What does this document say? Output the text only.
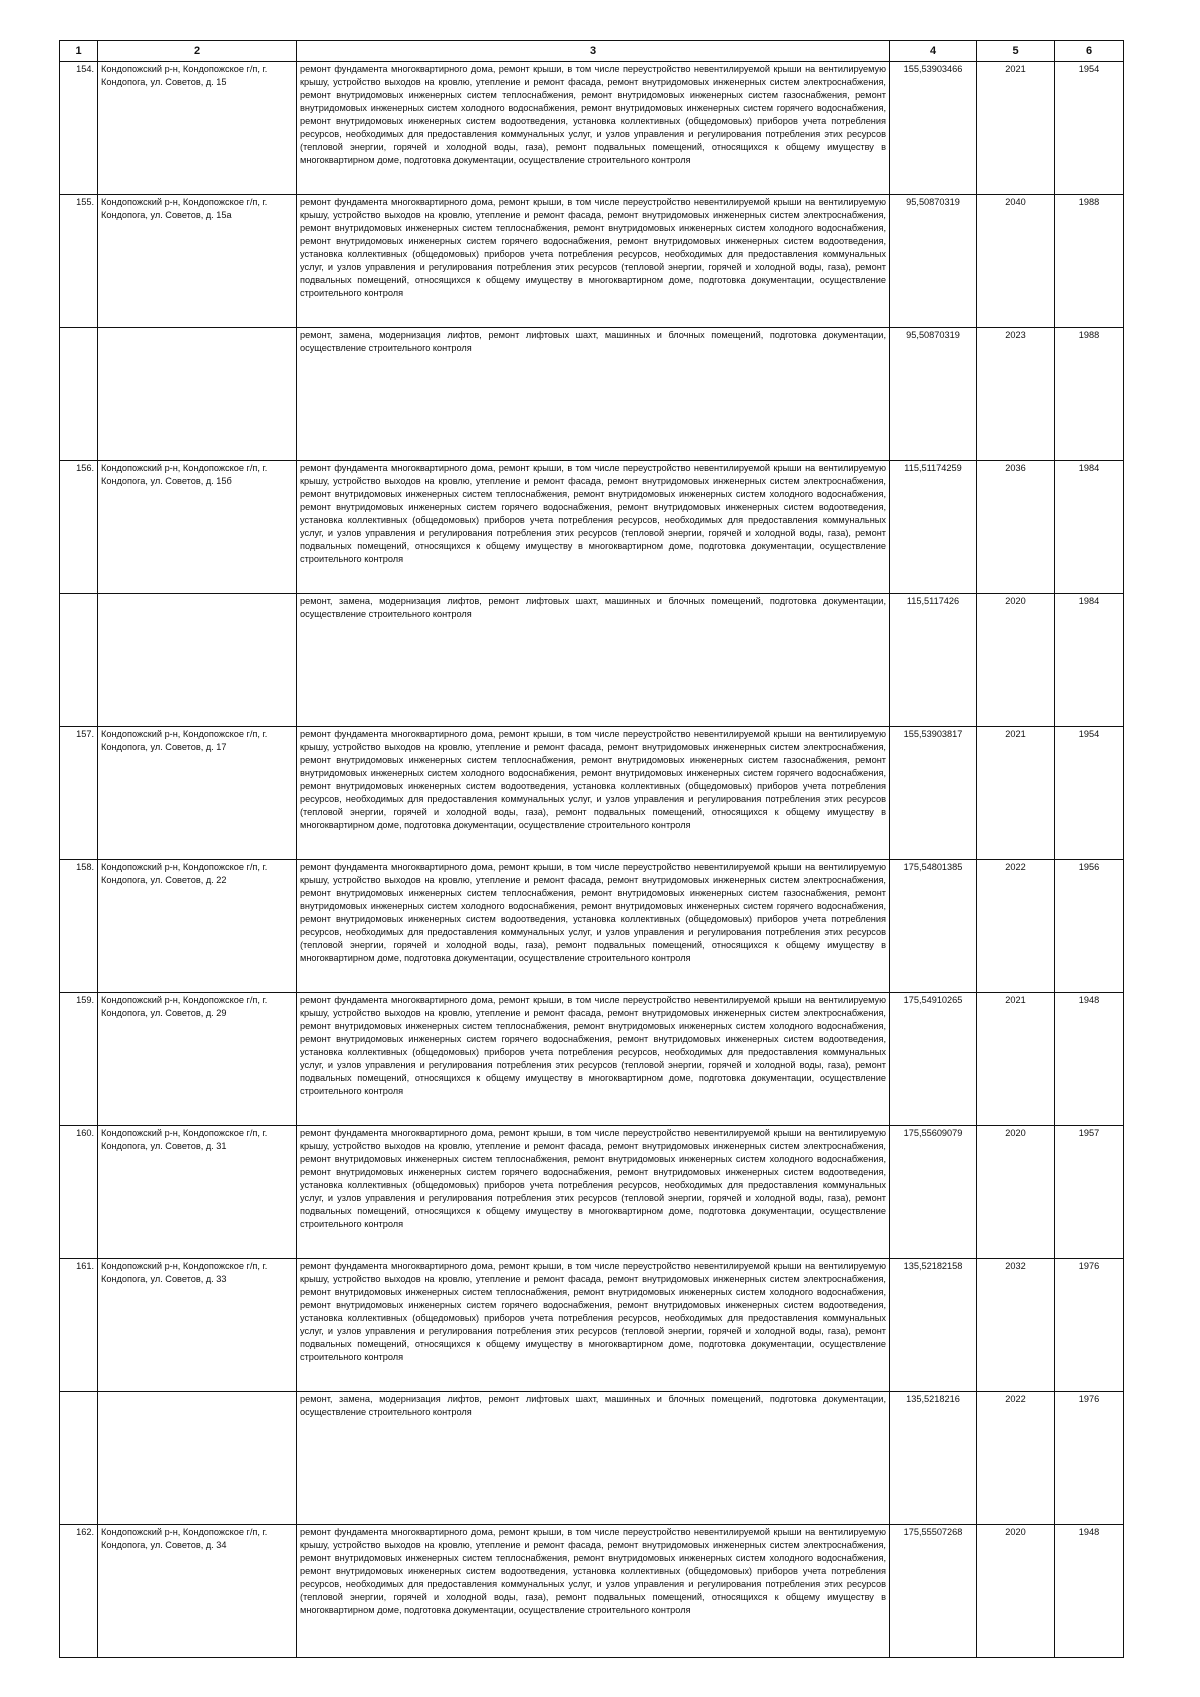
1	2	3	4	5	6
154.	Кондопожский р-н, Кондопожское г/п, г. Кондопога, ул. Советов, д. 15	ремонт фундамента многоквартирного дома, ремонт крыши, в том числе переустройство невентилируемой крыши на вентилируемую крышу, устройство выходов на кровлю, утепление и ремонт фасада, ремонт внутридомовых инженерных систем электроснабжения, ремонт внутридомовых инженерных систем теплоснабжения, ремонт внутридомовых инженерных систем газоснабжения, ремонт внутридомовых инженерных систем холодного водоснабжения, ремонт внутридомовых инженерных систем горячего водоснабжения, ремонт внутридомовых инженерных систем водоотведения, установка коллективных (общедомовых) приборов учета потребления ресурсов, необходимых для предоставления коммунальных услуг, и узлов управления и регулирования потребления этих ресурсов (тепловой энергии, горячей и холодной воды, газа), ремонт подвальных помещений, относящихся к общему имуществу в многоквартирном доме, подготовка документации, осуществление строительного контроля	155,53903466	2021	1954
155.	Кондопожский р-н, Кондопожское г/п, г. Кондопога, ул. Советов, д. 15а	ремонт фундамента многоквартирного дома, ремонт крыши, в том числе переустройство невентилируемой крыши на вентилируемую крышу, устройство выходов на кровлю, утепление и ремонт фасада, ремонт внутридомовых инженерных систем электроснабжения, ремонт внутридомовых инженерных систем теплоснабжения, ремонт внутридомовых инженерных систем холодного водоснабжения, ремонт внутридомовых инженерных систем горячего водоснабжения, ремонт внутридомовых инженерных систем водоотведения, установка коллективных (общедомовых) приборов учета потребления ресурсов, необходимых для предоставления коммунальных услуг, и узлов управления и регулирования потребления этих ресурсов (тепловой энергии, горячей и холодной воды, газа), ремонт подвальных помещений, относящихся к общему имуществу в многоквартирном доме, подготовка документации, осуществление строительного контроля	95,50870319	2040	1988
		ремонт, замена, модернизация лифтов, ремонт лифтовых шахт, машинных и блочных помещений, подготовка документации, осуществление строительного контроля	95,50870319	2023	1988
156.	Кондопожский р-н, Кондопожское г/п, г. Кондопога, ул. Советов, д. 15б	ремонт фундамента многоквартирного дома, ремонт крыши, в том числе переустройство невентилируемой крыши на вентилируемую крышу, устройство выходов на кровлю, утепление и ремонт фасада, ремонт внутридомовых инженерных систем электроснабжения, ремонт внутридомовых инженерных систем теплоснабжения, ремонт внутридомовых инженерных систем холодного водоснабжения, ремонт внутридомовых инженерных систем горячего водоснабжения, ремонт внутридомовых инженерных систем водоотведения, установка коллективных (общедомовых) приборов учета потребления ресурсов, необходимых для предоставления коммунальных услуг, и узлов управления и регулирования потребления этих ресурсов (тепловой энергии, горячей и холодной воды, газа), ремонт подвальных помещений, относящихся к общему имуществу в многоквартирном доме, подготовка документации, осуществление строительного контроля	115,51174259	2036	1984
		ремонт, замена, модернизация лифтов, ремонт лифтовых шахт, машинных и блочных помещений, подготовка документации, осуществление строительного контроля	115,5117426	2020	1984
157.	Кондопожский р-н, Кондопожское г/п, г. Кондопога, ул. Советов, д. 17	ремонт фундамента многоквартирного дома, ремонт крыши, в том числе переустройство невентилируемой крыши на вентилируемую крышу, устройство выходов на кровлю, утепление и ремонт фасада, ремонт внутридомовых инженерных систем электроснабжения, ремонт внутридомовых инженерных систем теплоснабжения, ремонт внутридомовых инженерных систем газоснабжения, ремонт внутридомовых инженерных систем холодного водоснабжения, ремонт внутридомовых инженерных систем горячего водоснабжения, ремонт внутридомовых инженерных систем водоотведения, установка коллективных (общедомовых) приборов учета потребления ресурсов, необходимых для предоставления коммунальных услуг, и узлов управления и регулирования потребления этих ресурсов (тепловой энергии, горячей и холодной воды, газа), ремонт подвальных помещений, относящихся к общему имуществу в многоквартирном доме, подготовка документации, осуществление строительного контроля	155,53903817	2021	1954
158.	Кондопожский р-н, Кондопожское г/п, г. Кондопога, ул. Советов, д. 22	ремонт фундамента многоквартирного дома, ремонт крыши, в том числе переустройство невентилируемой крыши на вентилируемую крышу, устройство выходов на кровлю, утепление и ремонт фасада, ремонт внутридомовых инженерных систем электроснабжения, ремонт внутридомовых инженерных систем теплоснабжения, ремонт внутридомовых инженерных систем газоснабжения, ремонт внутридомовых инженерных систем холодного водоснабжения, ремонт внутридомовых инженерных систем горячего водоснабжения, ремонт внутридомовых инженерных систем водоотведения, установка коллективных (общедомовых) приборов учета потребления ресурсов, необходимых для предоставления коммунальных услуг, и узлов управления и регулирования потребления этих ресурсов (тепловой энергии, горячей и холодной воды, газа), ремонт подвальных помещений, относящихся к общему имуществу в многоквартирном доме, подготовка документации, осуществление строительного контроля	175,54801385	2022	1956
159.	Кондопожский р-н, Кондопожское г/п, г. Кондопога, ул. Советов, д. 29	ремонт фундамента многоквартирного дома, ремонт крыши, в том числе переустройство невентилируемой крыши на вентилируемую крышу, устройство выходов на кровлю, утепление и ремонт фасада, ремонт внутридомовых инженерных систем электроснабжения, ремонт внутридомовых инженерных систем теплоснабжения, ремонт внутридомовых инженерных систем холодного водоснабжения, ремонт внутридомовых инженерных систем горячего водоснабжения, ремонт внутридомовых инженерных систем водоотведения, установка коллективных (общедомовых) приборов учета потребления ресурсов, необходимых для предоставления коммунальных услуг, и узлов управления и регулирования потребления этих ресурсов (тепловой энергии, горячей и холодной воды, газа), ремонт подвальных помещений, относящихся к общему имуществу в многоквартирном доме, подготовка документации, осуществление строительного контроля	175,54910265	2021	1948
160.	Кондопожский р-н, Кондопожское г/п, г. Кондопога, ул. Советов, д. 31	ремонт фундамента многоквартирного дома, ремонт крыши, в том числе переустройство невентилируемой крыши на вентилируемую крышу, устройство выходов на кровлю, утепление и ремонт фасада, ремонт внутридомовых инженерных систем электроснабжения, ремонт внутридомовых инженерных систем теплоснабжения, ремонт внутридомовых инженерных систем холодного водоснабжения, ремонт внутридомовых инженерных систем горячего водоснабжения, ремонт внутридомовых инженерных систем водоотведения, установка коллективных (общедомовых) приборов учета потребления ресурсов, необходимых для предоставления коммунальных услуг, и узлов управления и регулирования потребления этих ресурсов (тепловой энергии, горячей и холодной воды, газа), ремонт подвальных помещений, относящихся к общему имуществу в многоквартирном доме, подготовка документации, осуществление строительного контроля	175,55609079	2020	1957
161.	Кондопожский р-н, Кондопожское г/п, г. Кондопога, ул. Советов, д. 33	ремонт фундамента многоквартирного дома, ремонт крыши, в том числе переустройство невентилируемой крыши на вентилируемую крышу, устройство выходов на кровлю, утепление и ремонт фасада, ремонт внутридомовых инженерных систем электроснабжения, ремонт внутридомовых инженерных систем теплоснабжения, ремонт внутридомовых инженерных систем холодного водоснабжения, ремонт внутридомовых инженерных систем горячего водоснабжения, ремонт внутридомовых инженерных систем водоотведения, установка коллективных (общедомовых) приборов учета потребления ресурсов, необходимых для предоставления коммунальных услуг, и узлов управления и регулирования потребления этих ресурсов (тепловой энергии, горячей и холодной воды, газа), ремонт подвальных помещений, относящихся к общему имуществу в многоквартирном доме, подготовка документации, осуществление строительного контроля	135,52182158	2032	1976
		ремонт, замена, модернизация лифтов, ремонт лифтовых шахт, машинных и блочных помещений, подготовка документации, осуществление строительного контроля	135,5218216	2022	1976
162.	Кондопожский р-н, Кондопожское г/п, г. Кондопога, ул. Советов, д. 34	ремонт фундамента многоквартирного дома, ремонт крыши, в том числе переустройство невентилируемой крыши на вентилируемую крышу, устройство выходов на кровлю, утепление и ремонт фасада, ремонт внутридомовых инженерных систем электроснабжения, ремонт внутридомовых инженерных систем теплоснабжения, ремонт внутридомовых инженерных систем холодного водоснабжения, ремонт внутридомовых инженерных систем водоотведения, установка коллективных (общедомовых) приборов учета потребления ресурсов, необходимых для предоставления коммунальных услуг, и узлов управления и регулирования потребления этих ресурсов (тепловой энергии, горячей и холодной воды, газа), ремонт подвальных помещений, относящихся к общему имуществу в многоквартирном доме, подготовка документации, осуществление строительного контроля	175,55507268	2020	1948
